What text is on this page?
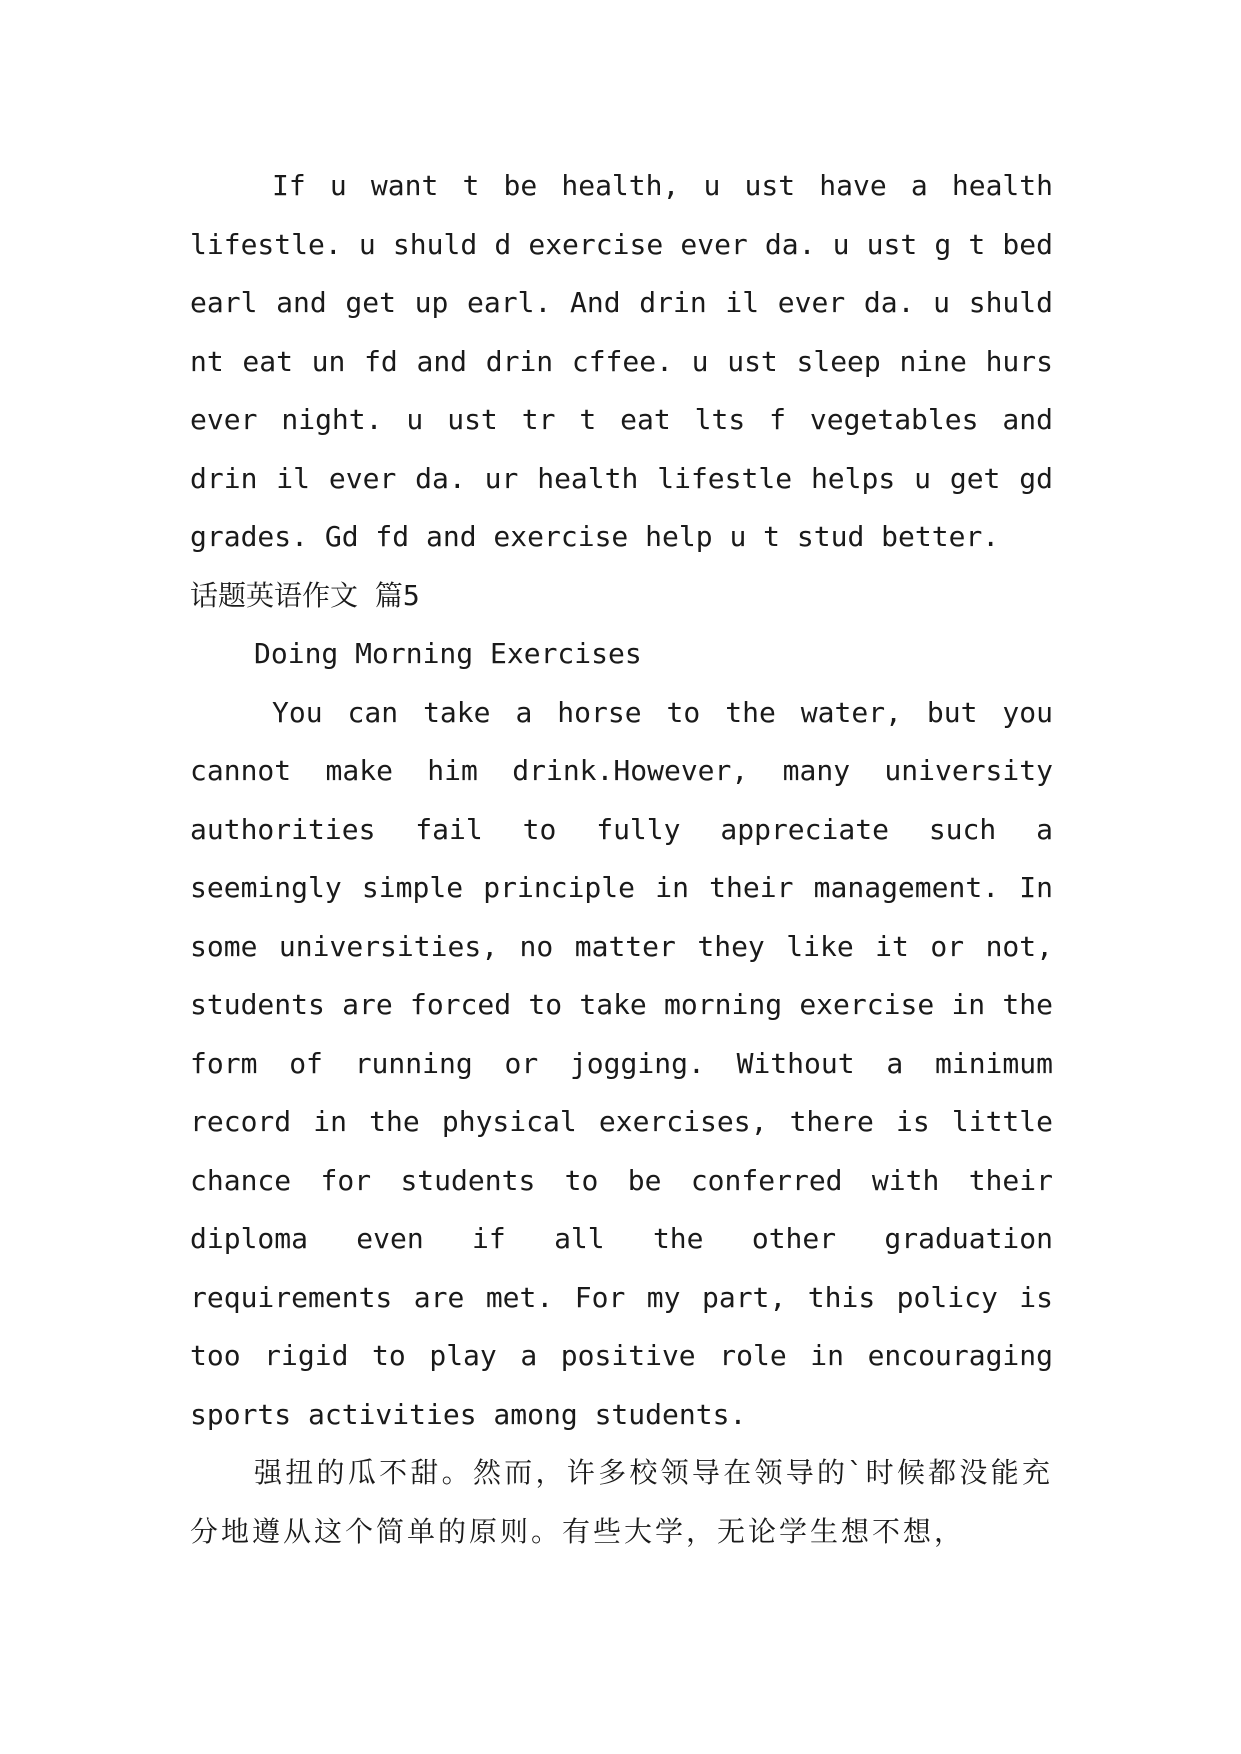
If u want t be health, u ust have a health lifestle. u shuld d exercise ever da. u ust g t bed earl and get up earl. And drin il ever da. u shuld nt eat un fd and drin cffee. u ust sleep nine hurs ever night. u ust tr t eat lts f vegetables and drin il ever da. ur health lifestle helps u get gd grades. Gd fd and exercise help u t stud better.

话题英语作文 篇5

Doing Morning Exercises

You can take a horse to the water, but you cannot make him drink.However, many university authorities fail to fully appreciate such a seemingly simple principle in their management. In some universities, no matter they like it or not, students are forced to take morning exercise in the form of running or jogging. Without a minimum record in the physical exercises, there is little chance for students to be conferred with their diploma even if all the other graduation requirements are met. For my part, this policy is too rigid to play a positive role in encouraging sports activities among students.

强扭的瓜不甜。然而，许多校领导在领导的`时候都没能充分地遵从这个简单的原则。有些大学，无论学生想不想，
